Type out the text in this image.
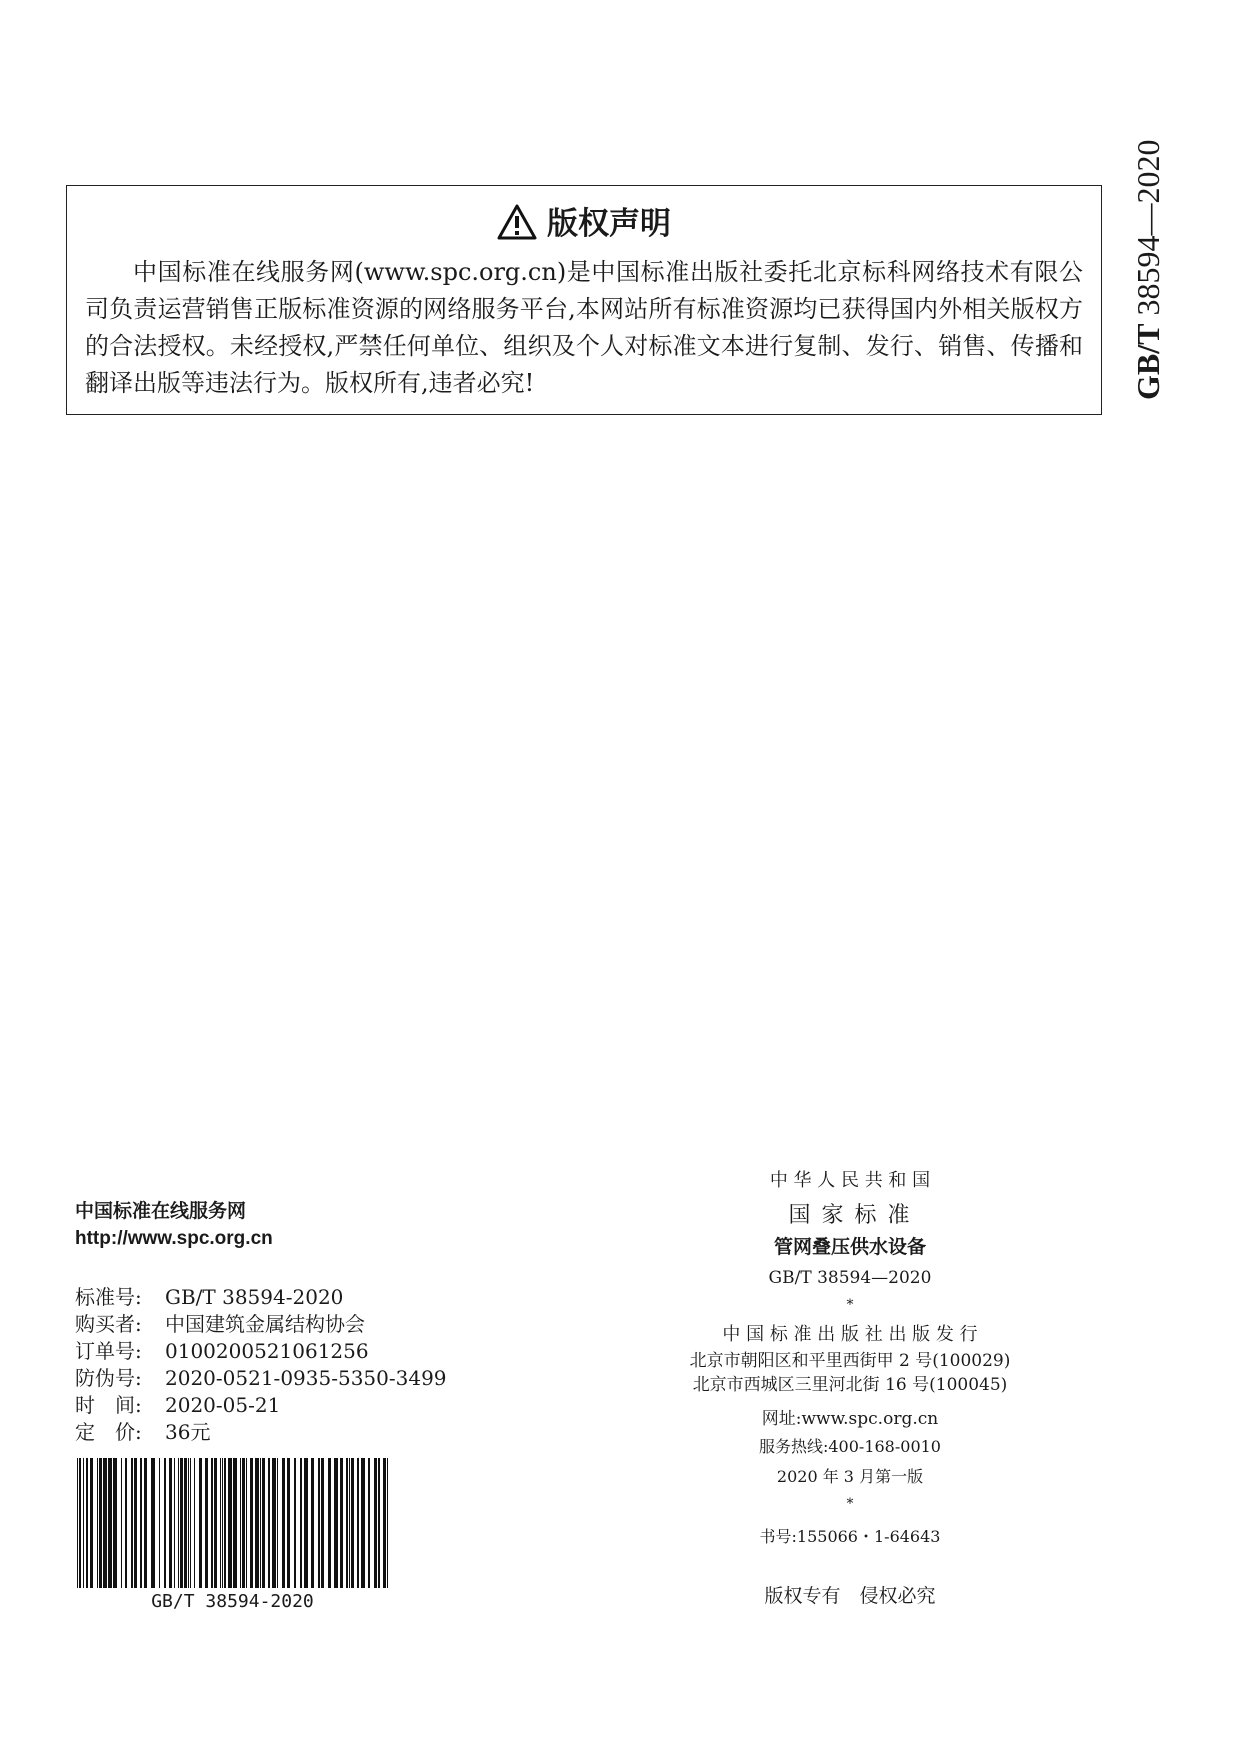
GB/T 38594—2020
版权声明
中国标准在线服务网(www.spc.org.cn)是中国标准出版社委托北京标科网络技术有限公司负责运营销售正版标准资源的网络服务平台,本网站所有标准资源均已获得国内外相关版权方的合法授权。未经授权,严禁任何单位、组织及个人对标准文本进行复制、发行、销售、传播和翻译出版等违法行为。版权所有,违者必究!
中国标准在线服务网
http://www.spc.org.cn
标准号:	GB/T 38594-2020
购买者:	中国建筑金属结构协会
订单号:	0100200521061256
防伪号:	2020-0521-0935-5350-3499
时　间:	2020-05-21
定　价:	36元
GB/T 38594-2020
中 华 人 民 共 和 国
国 家 标 准
管网叠压供水设备
GB/T 38594—2020
*
中 国 标 准 出 版 社 出 版 发 行
北京市朝阳区和平里西街甲 2 号(100029)
北京市西城区三里河北街 16 号(100045)
网址:www.spc.org.cn
服务热线:400-168-0010
2020 年 3 月第一版
*
书号:155066・1-64643
版权专有　侵权必究
